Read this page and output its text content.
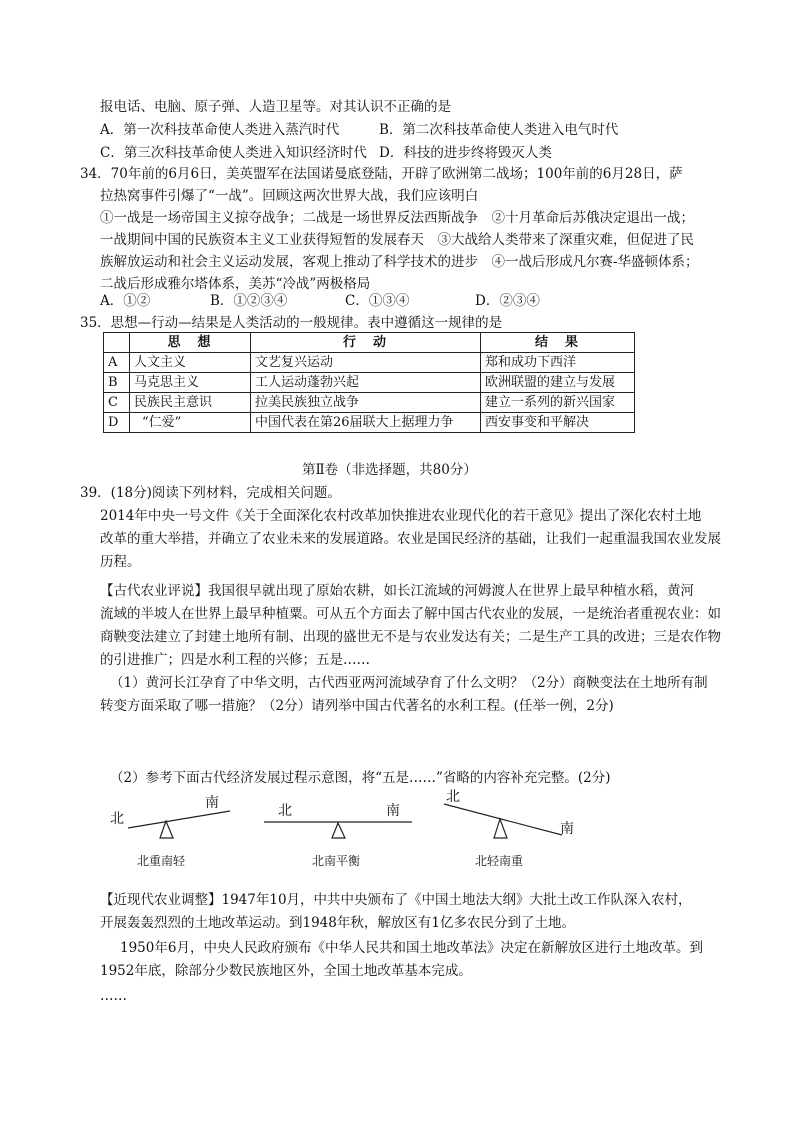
报电话、电脑、原子弹、人造卫星等。对其认识不正确的是
A．第一次科技革命使人类进入蒸汽时代	B．第二次科技革命使人类进入电气时代
C．第三次科技革命使人类进入知识经济时代 D．科技的进步终将毁灭人类
34．70年前的6月6日，美英盟军在法国诺曼底登陆，开辟了欧洲第二战场；100年前的6月28日，萨
拉热窝事件引爆了“一战”。回顾这两次世界大战，我们应该明白
①一战是一场帝国主义掠夺战争；二战是一场世界反法西斯战争　②十月革命后苏俄决定退出一战；
一战期间中国的民族资本主义工业获得短暂的发展春天　③大战给人类带来了深重灾难，但促进了民
族解放运动和社会主义运动发展，客观上推动了科学技术的进步　④一战后形成凡尔赛-华盛顿体系；
二战后形成雅尔塔体系，美苏“冷战”两极格局
A．①②	B．①②③④	C．①③④	D．②③④
35．思想—行动—结果是人类活动的一般规律。表中遵循这一规律的是
	思　想	行　动	结　果
A	人文主义	文艺复兴运动	郑和成功下西洋
B	马克思主义	工人运动蓬勃兴起	欧洲联盟的建立与发展
C	民族民主意识	拉美民族独立战争	建立一系列的新兴国家
D	“仁爱”	中国代表在第26届联大上据理力争	西安事变和平解决
第Ⅱ卷（非选择题，共80分）
39．(18分)阅读下列材料，完成相关问题。
2014年中央一号文件《关于全面深化农村改革加快推进农业现代化的若干意见》提出了深化农村土地
改革的重大举措，并确立了农业未来的发展道路。农业是国民经济的基础，让我们一起重温我国农业发展
历程。
【古代农业评说】我国很早就出现了原始农耕，如长江流域的河姆渡人在世界上最早种植水稻，黄河
流域的半坡人在世界上最早种植粟。可从五个方面去了解中国古代农业的发展，一是统治者重视农业：如
商鞅变法建立了封建土地所有制、出现的盛世无不是与农业发达有关；二是生产工具的改进；三是农作物
的引进推广；四是水利工程的兴修；五是……
（1）黄河长江孕育了中华文明，古代西亚两河流域孕育了什么文明？（2分）商鞅变法在土地所有制
转变方面采取了哪一措施？（2分）请列举中国古代著名的水利工程。(任举一例，2分)
（2）参考下面古代经济发展过程示意图，将“五是……”省略的内容补充完整。(2分)
北
南
北重南轻
北	南
北南平衡
北
南
北轻南重
【近现代农业调整】1947年10月，中共中央颁布了《中国土地法大纲》大批土改工作队深入农村，
开展轰轰烈烈的土地改革运动。到1948年秋，解放区有1亿多农民分到了土地。
1950年6月，中央人民政府颁布《中华人民共和国土地改革法》决定在新解放区进行土地改革。到
1952年底，除部分少数民族地区外，全国土地改革基本完成。
……
